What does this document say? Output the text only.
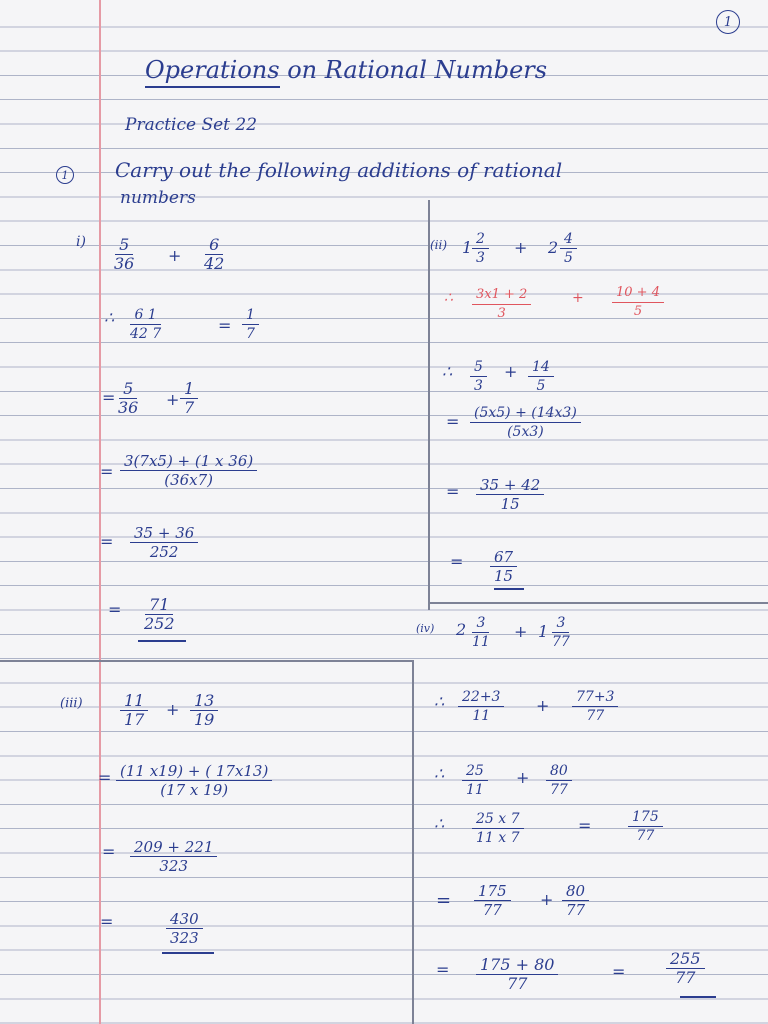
1
Operations on Rational Numbers
Practice Set 22
1 Carry out the following additions of rational
numbers
$i) \frac{5}{36} + \frac{6}{42}$
∴ $\frac{6 1}{42 7}$	= $\frac{1}{7}$
=
$\frac{5}{36} + \frac{1}{7}$
= $\frac{3(7x5) + (1 x 36)}{(36x7)}$
= $\frac{35 + 36}{252}$
= $\frac{71}{252}$
(ii) $1 \frac{2}{3} + 2 \frac{4}{5}$
∴ $\frac{3x1 + 2}{3}$	+ $\frac{10 + 4}{5}$
∴ $\frac{5}{3} + \frac{14}{5}$
= $\frac{(5x5) + (14x3)}{(5x3)}$
= $\frac{35 + 42}{15}$
= $\frac{67}{15}$
$(iii) \frac{11}{17} + \frac{13}{19}$
= $\frac{(11 x19) + ( 17x13)}{(17 x 19)}$
= $\frac{209 + 221}{323}$
=	$\frac{430}{323}$
(iv) $2 \frac{3}{11} + 1 \frac{3}{77}$
∴ $\frac{22+3}{11} + \frac{77+3}{77}$
∴ $\frac{25}{11} + \frac{80}{77}$
∴ $\frac{25 x 7}{11 x 7}$	=	$\frac{175}{77}$
= $\frac{175}{77} + \frac{80}{77}$
= $\frac{175 + 80}{77}$	=	$\frac{255}{77}$
